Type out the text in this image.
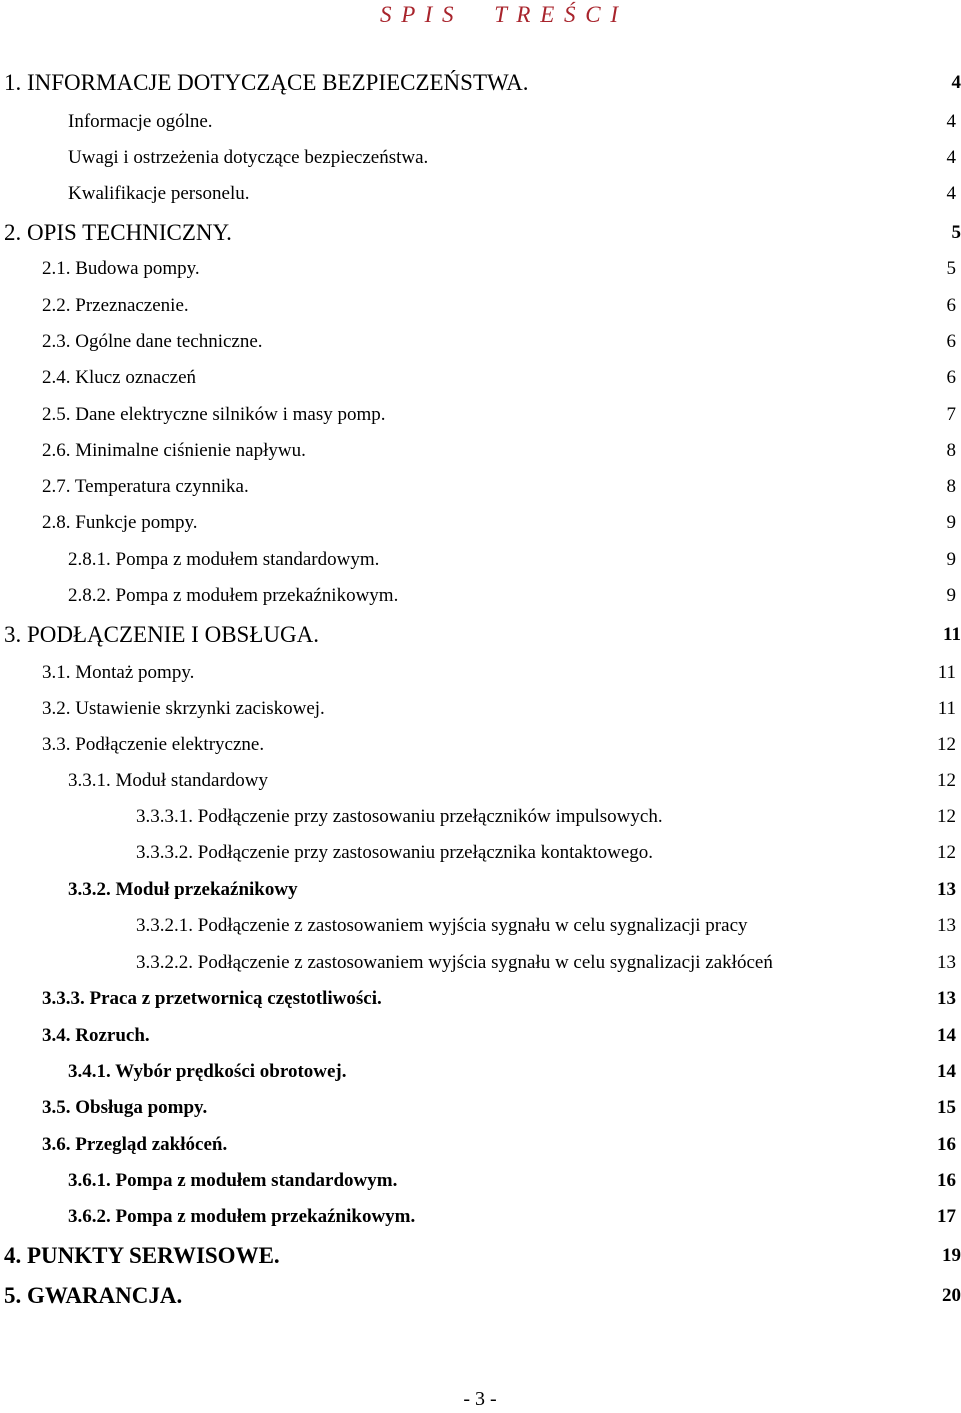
S P I S     T R E Ś C I
1. INFORMACJE DOTYCZĄCE BEZPIECZEŃSTWA.	4
Informacje ogólne.	4
Uwagi i ostrzeżenia dotyczące bezpieczeństwa.	4
Kwalifikacje personelu.	4
2. OPIS TECHNICZNY.	5
2.1. Budowa pompy.	5
2.2. Przeznaczenie.	6
2.3. Ogólne dane techniczne.	6
2.4. Klucz oznaczeń	6
2.5. Dane elektryczne silników i masy pomp.	7
2.6. Minimalne ciśnienie napływu.	8
2.7. Temperatura czynnika.	8
2.8. Funkcje pompy.	9
2.8.1. Pompa z modułem standardowym.	9
2.8.2. Pompa z modułem przekaźnikowym.	9
3. PODŁĄCZENIE I OBSŁUGA.	11
3.1. Montaż pompy.	11
3.2. Ustawienie skrzynki zaciskowej.	11
3.3. Podłączenie elektryczne.	12
3.3.1. Moduł standardowy	12
3.3.3.1. Podłączenie przy zastosowaniu przełączników impulsowych.	12
3.3.3.2. Podłączenie przy zastosowaniu przełącznika kontaktowego.	12
3.3.2. Moduł przekaźnikowy	13
3.3.2.1. Podłączenie z zastosowaniem wyjścia sygnału w celu sygnalizacji pracy	13
3.3.2.2. Podłączenie z zastosowaniem wyjścia sygnału w celu sygnalizacji zakłóceń	13
3.3.3. Praca z przetwornicą częstotliwości.	13
3.4. Rozruch.	14
3.4.1. Wybór prędkości obrotowej.	14
3.5. Obsługa pompy.	15
3.6. Przegląd zakłóceń.	16
3.6.1. Pompa z modułem standardowym.	16
3.6.2. Pompa z modułem przekaźnikowym.	17
4. PUNKTY SERWISOWE.	19
5. GWARANCJA.	20
- 3 -
